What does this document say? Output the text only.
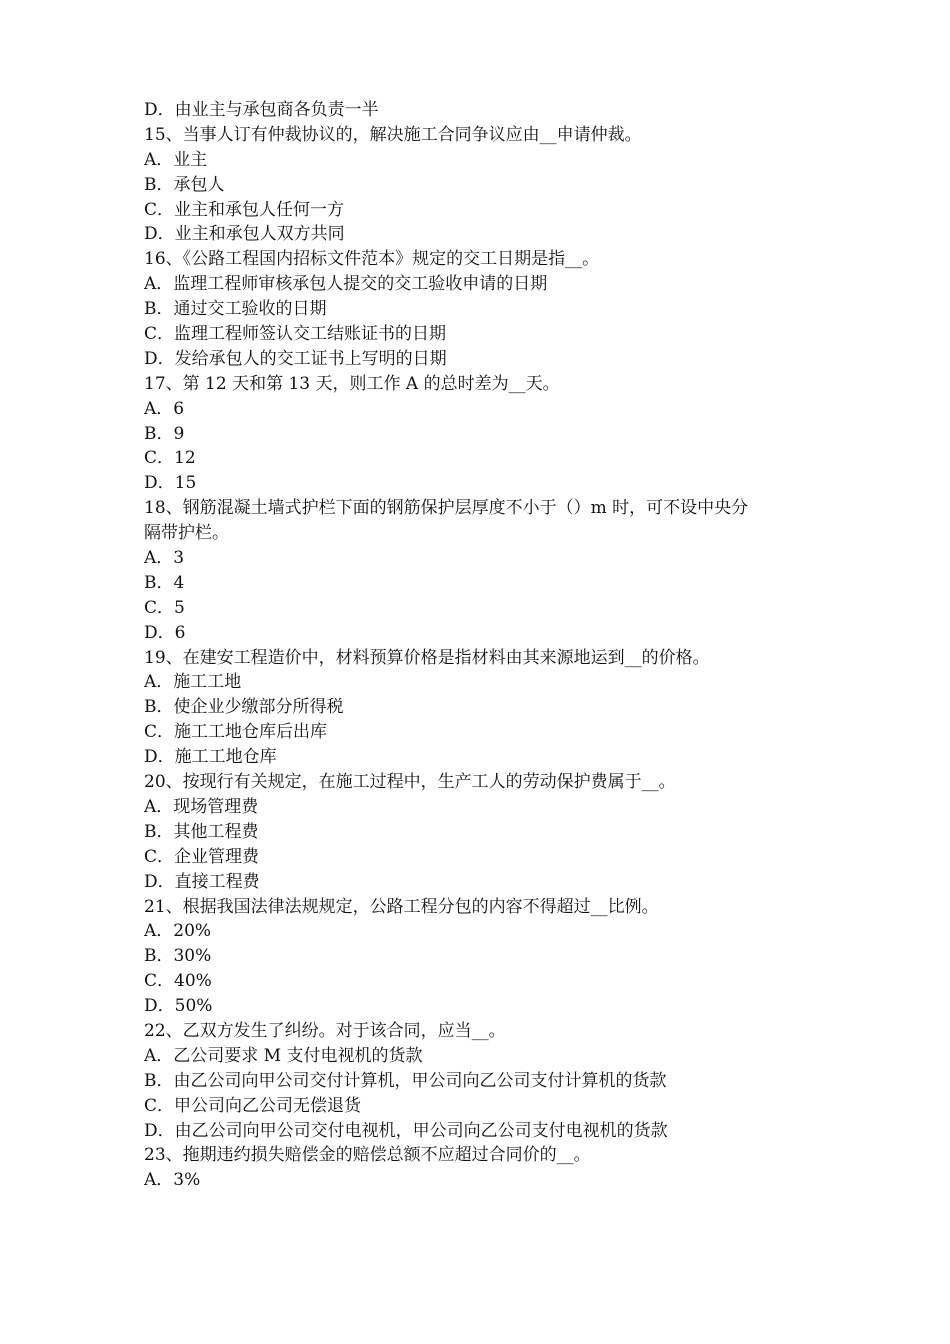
D．由业主与承包商各负责一半
15、当事人订有仲裁协议的，解决施工合同争议应由__申请仲裁。
A．业主
B．承包人
C．业主和承包人任何一方
D．业主和承包人双方共同
16、《公路工程国内招标文件范本》规定的交工日期是指__。
A．监理工程师审核承包人提交的交工验收申请的日期
B．通过交工验收的日期
C．监理工程师签认交工结账证书的日期
D．发给承包人的交工证书上写明的日期
17、第 12 天和第 13 天，则工作 A 的总时差为__天。
A．6
B．9
C．12
D．15
18、钢筋混凝土墙式护栏下面的钢筋保护层厚度不小于（）m 时，可不设中央分
隔带护栏。
A．3
B．4
C．5
D．6
19、在建安工程造价中，材料预算价格是指材料由其来源地运到__的价格。
A．施工工地
B．使企业少缴部分所得税
C．施工工地仓库后出库
D．施工工地仓库
20、按现行有关规定，在施工过程中，生产工人的劳动保护费属于__。
A．现场管理费
B．其他工程费
C．企业管理费
D．直接工程费
21、根据我国法律法规规定，公路工程分包的内容不得超过__比例。
A．20%
B．30%
C．40%
D．50%
22、乙双方发生了纠纷。对于该合同，应当__。
A．乙公司要求 M 支付电视机的货款
B．由乙公司向甲公司交付计算机，甲公司向乙公司支付计算机的货款
C．甲公司向乙公司无偿退货
D．由乙公司向甲公司交付电视机，甲公司向乙公司支付电视机的货款
23、拖期违约损失赔偿金的赔偿总额不应超过合同价的__。
A．3%
